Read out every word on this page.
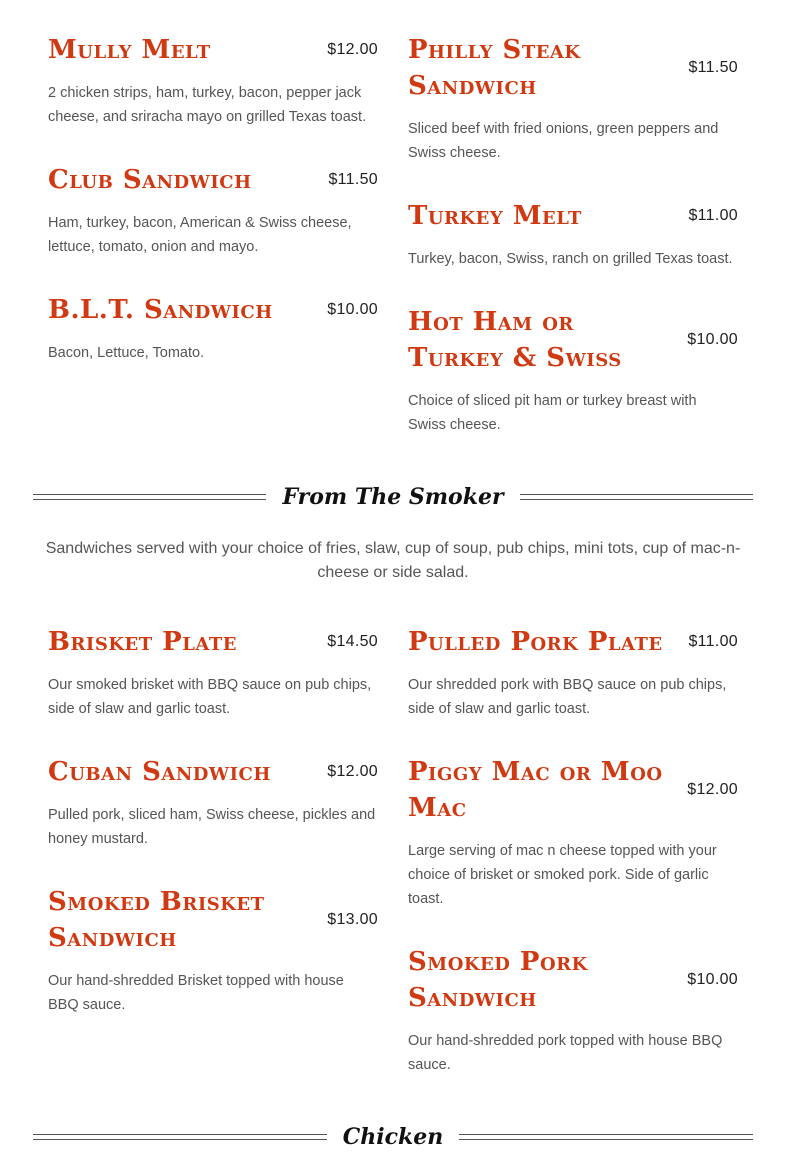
Mully Melt	$12.00

2 chicken strips, ham, turkey, bacon, pepper jack cheese, and sriracha mayo on grilled Texas toast.

Club Sandwich	$11.50

Ham, turkey, bacon, American & Swiss cheese, lettuce, tomato, onion and mayo.

B.L.T. Sandwich	$10.00

Bacon, Lettuce, Tomato.

Philly Steak Sandwich
$11.50

Sliced beef with fried onions, green peppers and Swiss cheese.

Turkey Melt	$11.00

Turkey, bacon, Swiss, ranch on grilled Texas toast.

Hot Ham or Turkey & Swiss
$10.00

Choice of sliced pit ham or turkey breast with Swiss cheese.

From The Smoker

Sandwiches served with your choice of fries, slaw, cup of soup, pub chips, mini tots, cup of mac-n-cheese or side salad.

Brisket Plate	$14.50

Our smoked brisket with BBQ sauce on pub chips, side of slaw and garlic toast.

Cuban Sandwich	$12.00

Pulled pork, sliced ham, Swiss cheese, pickles and honey mustard.

Smoked Brisket Sandwich
$13.00

Our hand-shredded Brisket topped with house BBQ sauce.

Pulled Pork Plate $11.00

Our shredded pork with BBQ sauce on pub chips, side of slaw and garlic toast.

Piggy Mac or Moo Mac
$12.00

Large serving of mac n cheese topped with your choice of brisket or smoked pork. Side of garlic toast.

Smoked Pork Sandwich
$10.00

Our hand-shredded pork topped with house BBQ sauce.

Chicken
